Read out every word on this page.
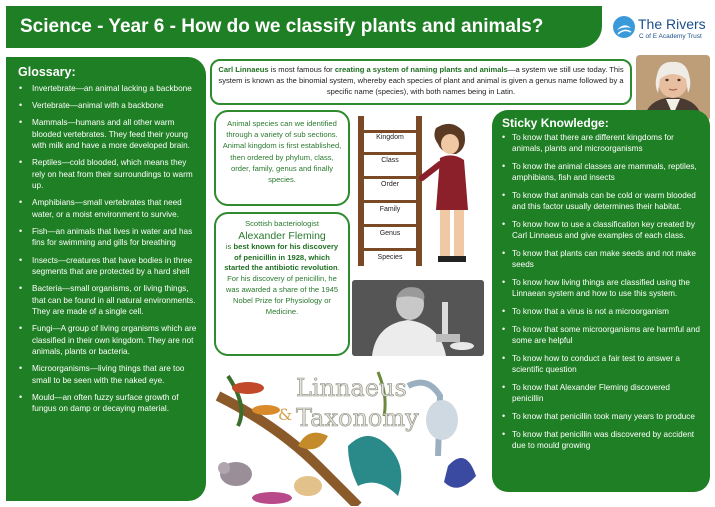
Science - Year 6 - How do we classify plants and animals?	The Rivers
C of E Academy Trust
Glossary:
• Invertebrate—an animal lacking a backbone
• Vertebrate—animal with a backbone
• Mammals—humans and all other warm blooded vertebrates. They feed their young with milk and have a more developed brain.
• Reptiles—cold blooded, which means they rely on heat from their surroundings to warm up.
• Amphibians—small vertebrates that need water, or a moist environment to survive.
• Fish—an animals that lives in water and has fins for swimming and gills for breathing
• Insects—creatures that have bodies in three segments that are protected by a hard shell
• Bacteria—small organisms, or living things, that can be found in all natural environments. They are made of a single cell.
• Fungi—A group of living organisms which are classified in their own kingdom. They are not animals, plants or bacteria.
• Microorganisms—living things that are too small to be seen with the naked eye.
• Mould—an often fuzzy surface growth of fungus on damp or decaying material.
Carl Linnaeus is most famous for creating a system of naming plants and animals—a system we still use today. This system is known as the binomial system, whereby each species of plant and animal is given a genus name followed by a specific name (species), with both names being in Latin.
Animal species can we identified through a variety of sub sections. Animal kingdom is first established, then ordered by phylum, class, order, family, genus and finally species.
Scottish bacteriologist
Alexander Fleming
is best known for his discovery of penicillin in 1928, which started the antibiotic revolution. For his discovery of penicillin, he was awarded a share of the 1945 Nobel Prize for Physiology or Medicine.
Kingdom
Class
Order
Family
Genus
Species
Linnaeus
& Taxonomy
Sticky Knowledge:
• To know that there are different kingdoms for animals, plants and microorganisms
• To know the animal classes are mammals, reptiles, amphibians, fish and insects
• To know that animals can be cold or warm blooded and this factor usually determines their habitat.
• To know how to use a classification key created by Carl Linnaeus and give examples of each class.
• To know that plants can make seeds and not make seeds
• To know how living things are classified using the Linnaean system and how to use this system.
• To know that a virus is not a microorganism
• To know that some microorganisms are harmful and some are helpful
• To know how to conduct a fair test to answer a scientific question
• To know that Alexander Fleming discovered penicillin
• To know that penicillin took many years to produce
• To know that penicillin was discovered by accident due to mould growing
